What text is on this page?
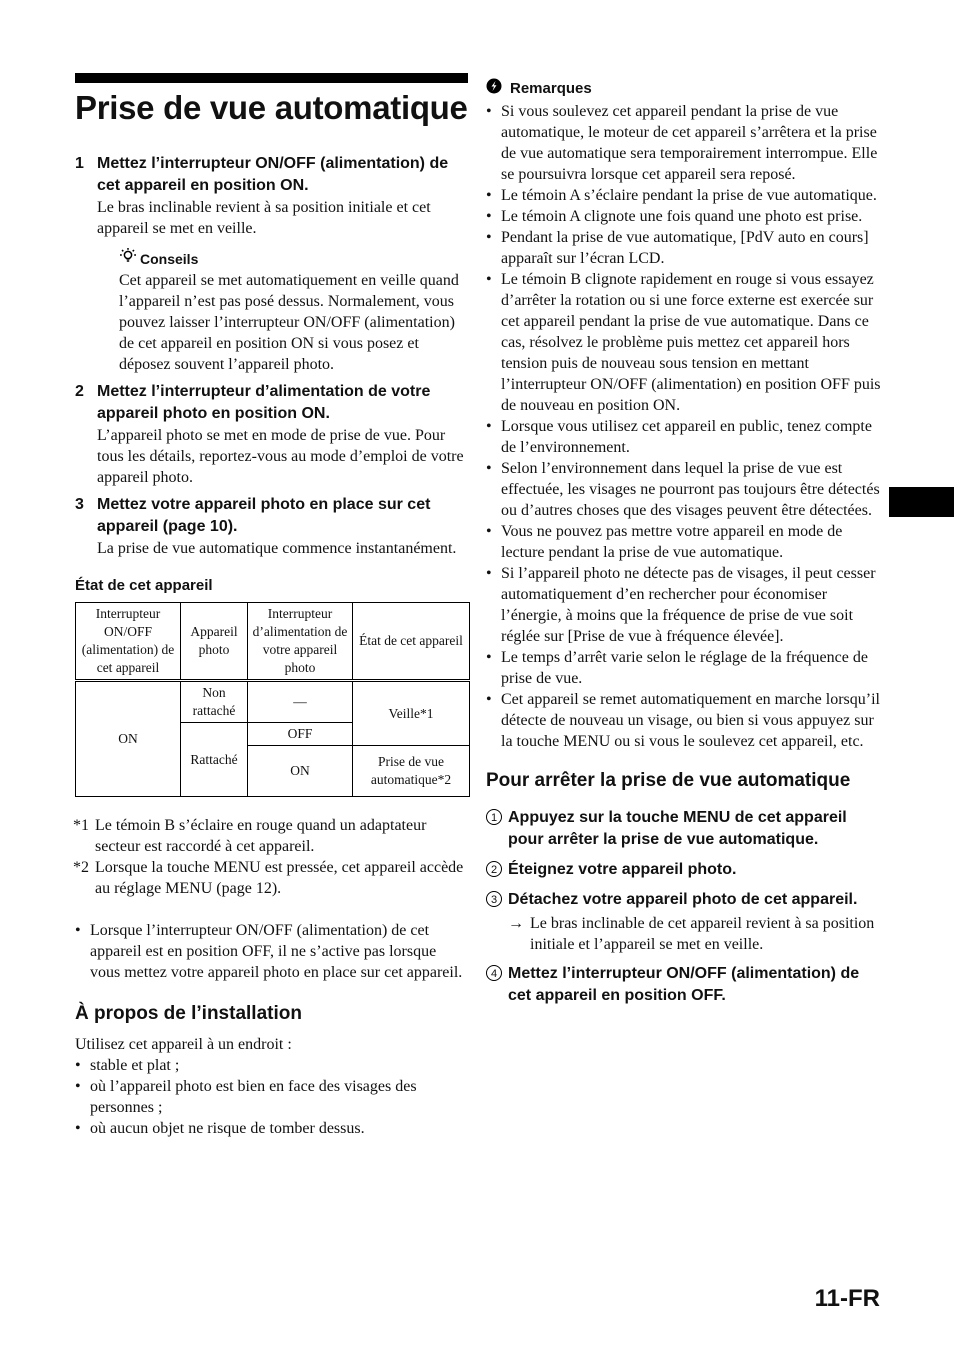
Prise de vue automatique
1 Mettez l’interrupteur ON/OFF (alimentation) de cet appareil en position ON.
Le bras inclinable revient à sa position initiale et cet appareil se met en veille.
Conseils
Cet appareil se met automatiquement en veille quand l’appareil n’est pas posé dessus. Normalement, vous pouvez laisser l’interrupteur ON/OFF (alimentation) de cet appareil en position ON si vous posez et déposez souvent l’appareil photo.
2 Mettez l’interrupteur d’alimentation de votre appareil photo en position ON.
L’appareil photo se met en mode de prise de vue. Pour tous les détails, reportez-vous au mode d’emploi de votre appareil photo.
3 Mettez votre appareil photo en place sur cet appareil (page 10).
La prise de vue automatique commence instantanément.
État de cet appareil
Interrupteur ON/OFF (alimentation) de cet appareil	Appareil photo	Interrupteur d’alimentation de votre appareil photo	État de cet appareil
ON	Non rattaché	—	Veille*1
	Rattaché	OFF	
		ON	Prise de vue automatique*2
*1 Le témoin B s’éclaire en rouge quand un adaptateur secteur est raccordé à cet appareil.
*2 Lorsque la touche MENU est pressée, cet appareil accède au réglage MENU (page 12).
• Lorsque l’interrupteur ON/OFF (alimentation) de cet appareil est en position OFF, il ne s’active pas lorsque vous mettez votre appareil photo en place sur cet appareil.
À propos de l’installation
Utilisez cet appareil à un endroit :
• stable et plat ;
• où l’appareil photo est bien en face des visages des personnes ;
• où aucun objet ne risque de tomber dessus.
Remarques
• Si vous soulevez cet appareil pendant la prise de vue automatique, le moteur de cet appareil s’arrêtera et la prise de vue automatique sera temporairement interrompue. Elle se poursuivra lorsque cet appareil sera reposé.
• Le témoin A s’éclaire pendant la prise de vue automatique.
• Le témoin A clignote une fois quand une photo est prise.
• Pendant la prise de vue automatique, [PdV auto en cours] apparaît sur l’écran LCD.
• Le témoin B clignote rapidement en rouge si vous essayez d’arrêter la rotation ou si une force externe est exercée sur cet appareil pendant la prise de vue automatique. Dans ce cas, résolvez le problème puis mettez cet appareil hors tension puis de nouveau sous tension en mettant l’interrupteur ON/OFF (alimentation) en position OFF puis de nouveau en position ON.
• Lorsque vous utilisez cet appareil en public, tenez compte de l’environnement.
• Selon l’environnement dans lequel la prise de vue est effectuée, les visages ne pourront pas toujours être détectés ou d’autres choses que des visages peuvent être détectées.
• Vous ne pouvez pas mettre votre appareil en mode de lecture pendant la prise de vue automatique.
• Si l’appareil photo ne détecte pas de visages, il peut cesser automatiquement d’en rechercher pour économiser l’énergie, à moins que la fréquence de prise de vue soit réglée sur [Prise de vue à fréquence élevée].
• Le temps d’arrêt varie selon le réglage de la fréquence de prise de vue.
• Cet appareil se remet automatiquement en marche lorsqu’il détecte de nouveau un visage, ou bien si vous appuyez sur la touche MENU ou si vous le soulevez cet appareil, etc.
Pour arrêter la prise de vue automatique
1 Appuyez sur la touche MENU de cet appareil pour arrêter la prise de vue automatique.
2 Éteignez votre appareil photo.
3 Détachez votre appareil photo de cet appareil.
→ Le bras inclinable de cet appareil revient à sa position initiale et l’appareil se met en veille.
4 Mettez l’interrupteur ON/OFF (alimentation) de cet appareil en position OFF.
11-FR
